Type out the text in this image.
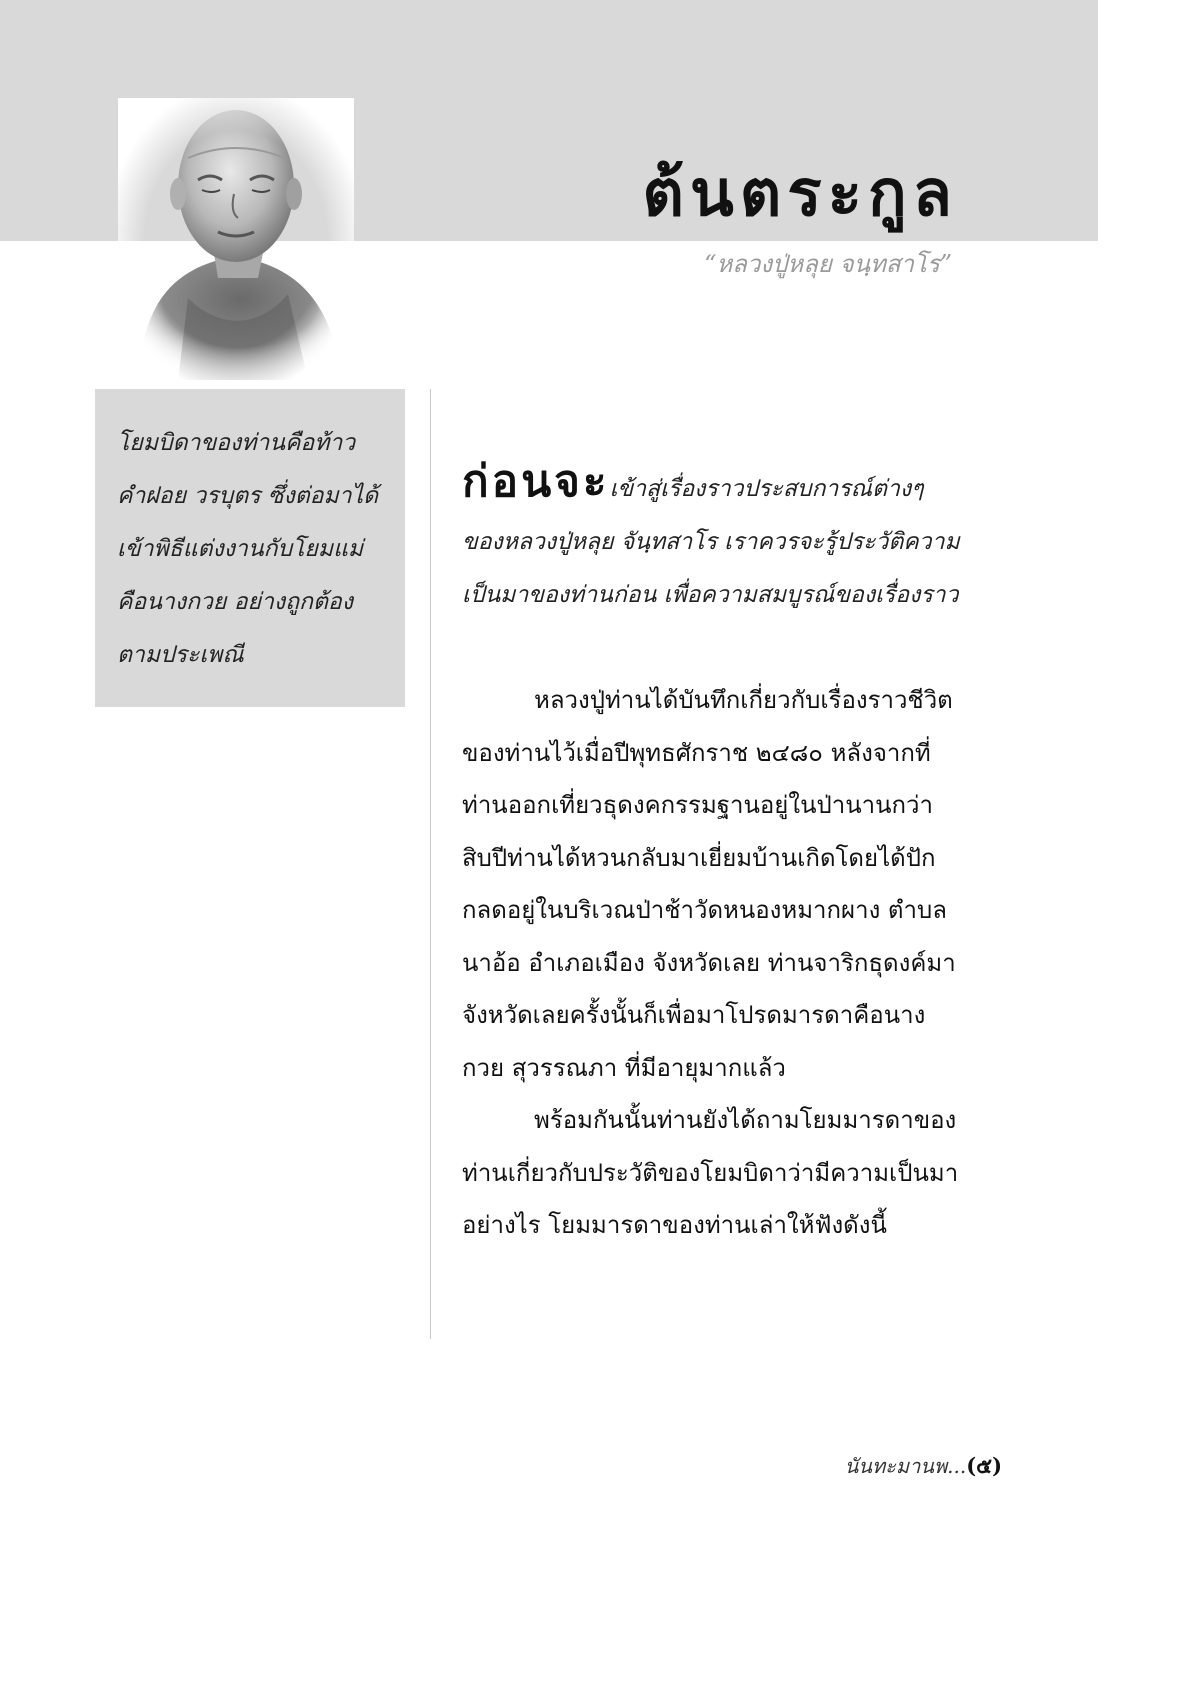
ต้นตระกูล
“หลวงปู่หลุย จนฺทสาโร”

โยมบิดาของท่านคือท้าวคำฝอย วรบุตร ซึ่งต่อมาได้เข้าพิธีแต่งงานกับโยมแม่คือนางกวย อย่างถูกต้องตามประเพณี

ก่อนจะเข้าสู่เรื่องราวประสบการณ์ต่างๆ ของหลวงปู่หลุย จันฺทสาโร เราควรจะรู้ประวัติความเป็นมาของท่านก่อน เพื่อความสมบูรณ์ของเรื่องราว

หลวงปู่ท่านได้บันทึกเกี่ยวกับเรื่องราวชีวิตของท่านไว้เมื่อปีพุทธศักราช ๒๔๘๐ หลังจากที่ท่านออกเที่ยวธุดงคกรรมฐานอยู่ในป่านานกว่าสิบปีท่านได้หวนกลับมาเยี่ยมบ้านเกิดโดยได้ปักกลดอยู่ในบริเวณป่าช้าวัดหนองหมากผาง ตำบลนาอ้อ อำเภอเมือง จังหวัดเลย ท่านจาริกธุดงค์มาจังหวัดเลยครั้งนั้นก็เพื่อมาโปรดมารดาคือนางกวย สุวรรณภา ที่มีอายุมากแล้ว

พร้อมกันนั้นท่านยังได้ถามโยมมารดาของท่านเกี่ยวกับประวัติของโยมบิดาว่ามีความเป็นมาอย่างไร โยมมารดาของท่านเล่าให้ฟังดังนี้

นันทะมานพ...(๕)
